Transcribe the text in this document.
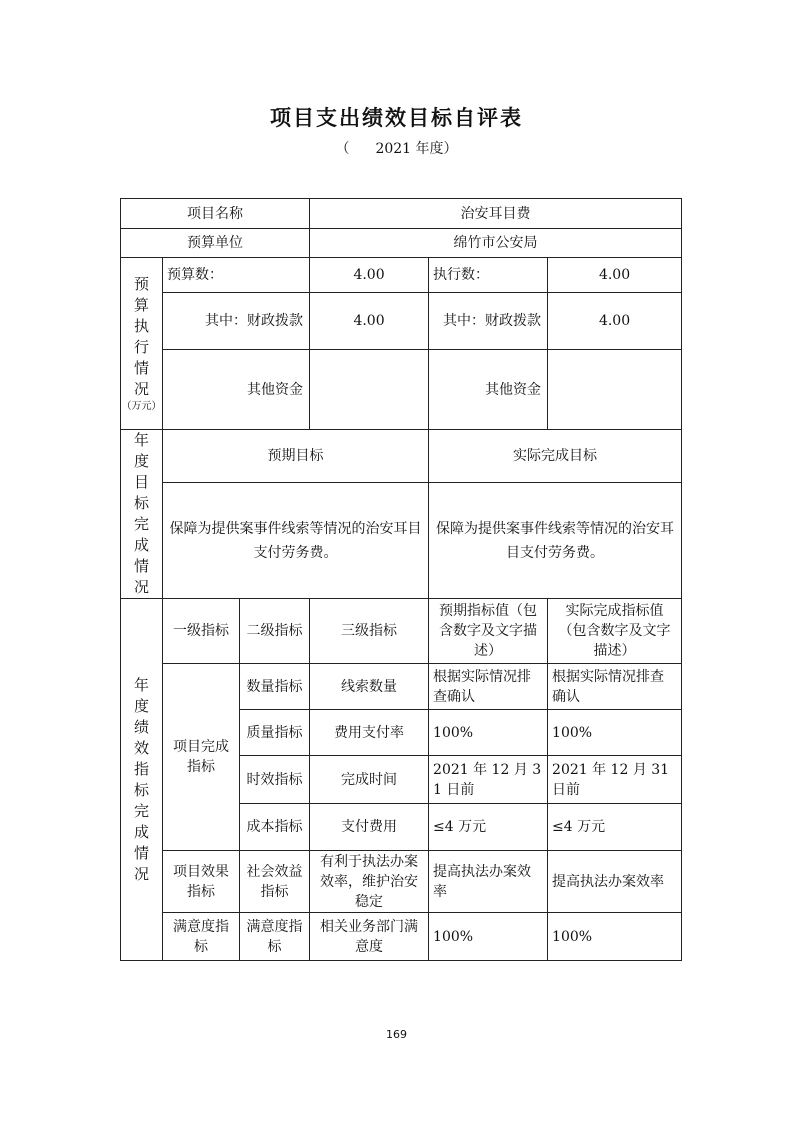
项目支出绩效目标自评表
（ 2021 年度）
项目名称			治安耳目费		
预算单位			绵竹市公安局		

预算执行情况
（万元）	预算数：		4.00	执行数：	4.00
	其中：财政拨款		4.00	其中：财政拨款	4.00
	其他资金			其他资金	

年度目标完成情况	预期目标			实际完成目标	
	保障为提供案事件线索等情况的治安耳目支付劳务费。			保障为提供案事件线索等情况的治安耳目支付劳务费。	

年度绩效指标完成情况	一级指标	二级指标	三级指标	预期指标值（包含数字及文字描述）	实际完成指标值（包含数字及文字描述）
	项目完成指标	数量指标	线索数量	根据实际情况排查确认	根据实际情况排查确认
		质量指标	费用支付率	100%	100%
		时效指标	完成时间	2021 年 12 月 31 日前	2021 年 12 月 31 日前
		成本指标	支付费用	≤4 万元	≤4 万元
	项目效果指标	社会效益指标	有利于执法办案效率，维护治安稳定	提高执法办案效率	提高执法办案效率
	满意度指标	满意度指标	相关业务部门满意度	100%	100%
169
